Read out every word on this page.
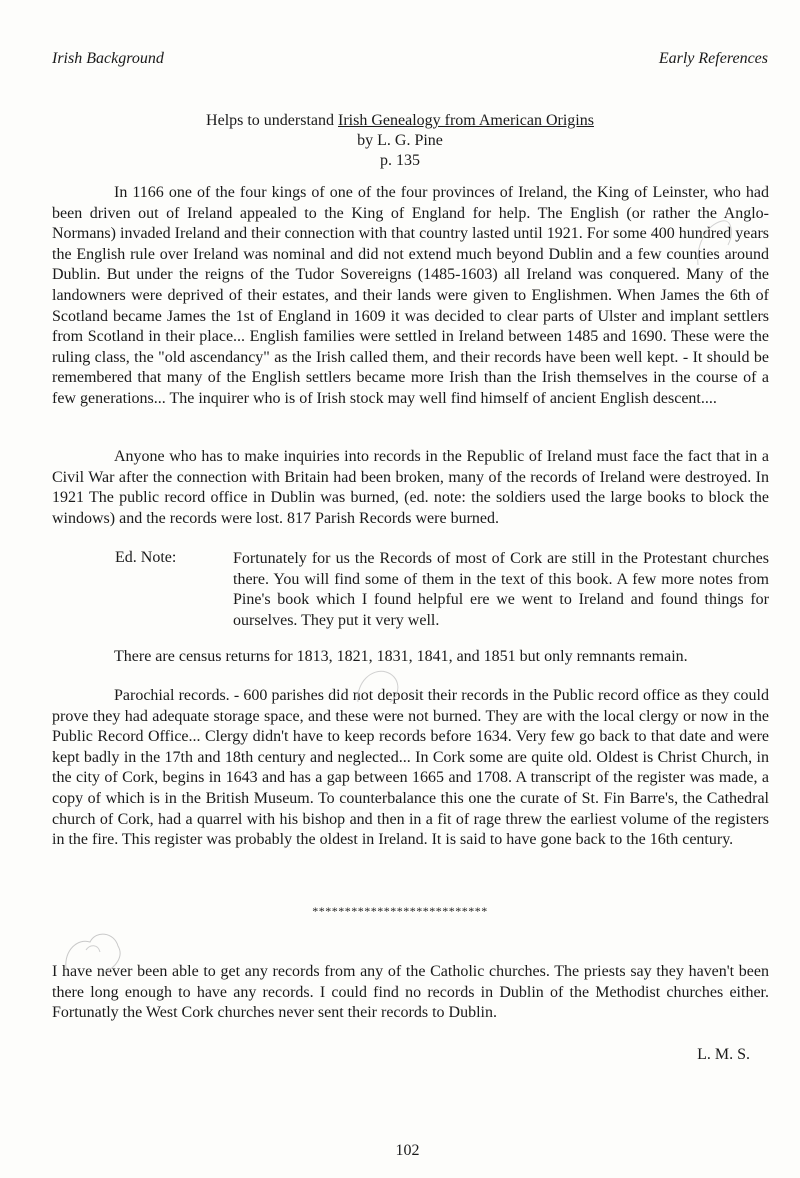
Irish Background	Early References
Helps to understand Irish Genealogy from American Origins
by L. G. Pine
p. 135

In 1166 one of the four kings of one of the four provinces of Ireland, the King of Leinster, who had been driven out of Ireland appealed to the King of England for help. The English (or rather the Anglo-Normans) invaded Ireland and their connection with that country lasted until 1921. For some 400 hundred years the English rule over Ireland was nominal and did not extend much beyond Dublin and a few counties around Dublin. But under the reigns of the Tudor Sovereigns (1485-1603) all Ireland was conquered. Many of the landowners were deprived of their estates, and their lands were given to Englishmen. When James the 6th of Scotland became James the 1st of England in 1609 it was decided to clear parts of Ulster and implant settlers from Scotland in their place... English families were settled in Ireland between 1485 and 1690. These were the ruling class, the "old ascendancy" as the Irish called them, and their records have been well kept. - It should be remembered that many of the English settlers became more Irish than the Irish themselves in the course of a few generations... The inquirer who is of Irish stock may well find himself of ancient English descent....

Anyone who has to make inquiries into records in the Republic of Ireland must face the fact that in a Civil War after the connection with Britain had been broken, many of the records of Ireland were destroyed. In 1921 The public record office in Dublin was burned, (ed. note: the soldiers used the large books to block the windows) and the records were lost. 817 Parish Records were burned.

Ed. Note:	Fortunately for us the Records of most of Cork are still in the Protestant churches there. You will find some of them in the text of this book. A few more notes from Pine's book which I found helpful ere we went to Ireland and found things for ourselves. They put it very well.

There are census returns for 1813, 1821, 1831, 1841, and 1851 but only remnants remain.

Parochial records. - 600 parishes did not deposit their records in the Public record office as they could prove they had adequate storage space, and these were not burned. They are with the local clergy or now in the Public Record Office... Clergy didn't have to keep records before 1634. Very few go back to that date and were kept badly in the 17th and 18th century and neglected... In Cork some are quite old. Oldest is Christ Church, in the city of Cork, begins in 1643 and has a gap between 1665 and 1708. A transcript of the register was made, a copy of which is in the British Museum. To counterbalance this one the curate of St. Fin Barre's, the Cathedral church of Cork, had a quarrel with his bishop and then in a fit of rage threw the earliest volume of the registers in the fire. This register was probably the oldest in Ireland. It is said to have gone back to the 16th century.

***************************

I have never been able to get any records from any of the Catholic churches. The priests say they haven't been there long enough to have any records. I could find no records in Dublin of the Methodist churches either. Fortunatly the West Cork churches never sent their records to Dublin.

L. M. S.
102
